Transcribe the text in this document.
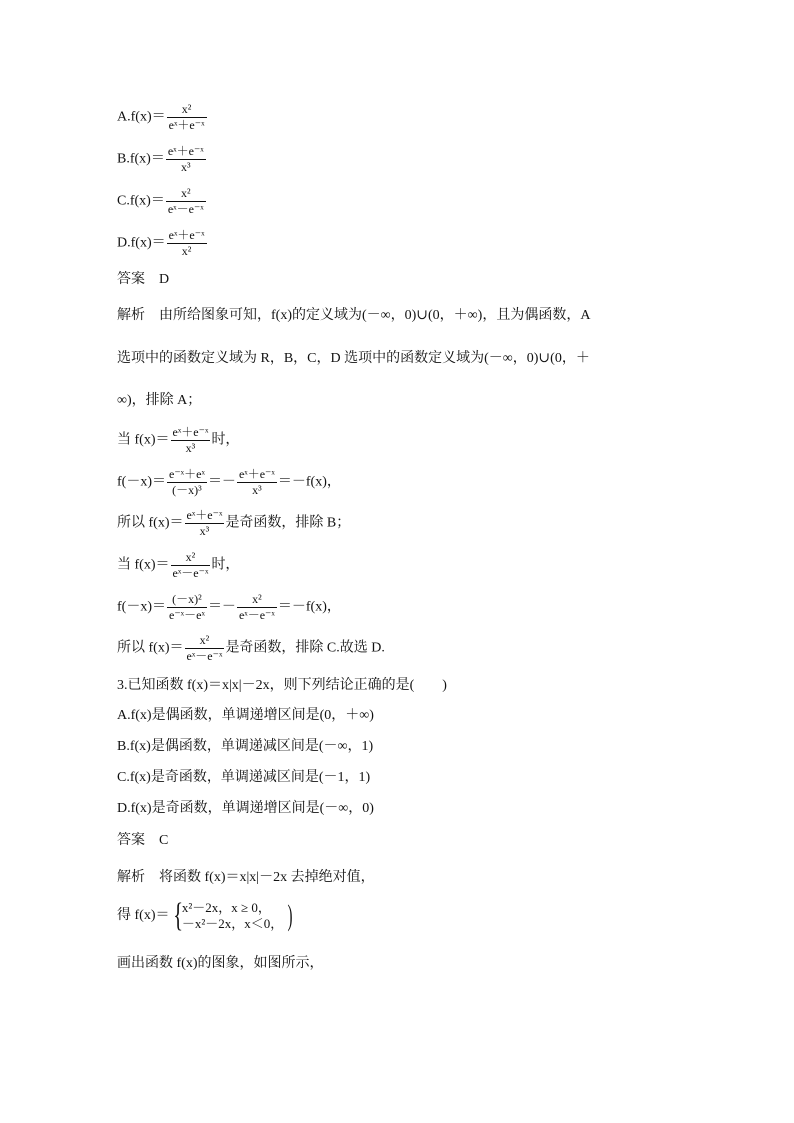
$A.f(x)= \frac{\text{x²}}{\text{eˣ＋e⁻ˣ}}$
$B.f(x)= \frac{\text{eˣ＋e⁻ˣ}}{\text{x³}}$
$C.f(x)= \frac{\text{x²}}{\text{eˣ－e⁻ˣ}}$
$D.f(x)= \frac{\text{eˣ＋e⁻ˣ}}{\text{x²}}$
答案　D
解析　由所给图象可知，f(x)的定义域为(－∞，0)∪(0，＋∞)，且为偶函数，A
选项中的函数定义域为 R，B，C，D 选项中的函数定义域为(－∞，0)∪(0，＋
∞)，排除 A；
当 $f(x)= \frac{\text{eˣ＋e⁻ˣ}}{\text{x³}}$ 时，
$f(-x)= \frac{\text{e⁻ˣ＋eˣ}}{\text{(－x)³}} =- \frac{\text{eˣ＋e⁻ˣ}}{\text{x³}} =-f(x)$，
所以 $f(x)= \frac{\text{eˣ＋e⁻ˣ}}{\text{x³}}$ 是奇函数，排除 B；
当 $f(x)= \frac{\text{x²}}{\text{eˣ－e⁻ˣ}}$ 时，
$f(-x)= \frac{\text{(－x)²}}{\text{e⁻ˣ－eˣ}} =- \frac{\text{x²}}{\text{eˣ－e⁻ˣ}} =-f(x)$，
所以 $f(x)= \frac{\text{x²}}{\text{eˣ－e⁻ˣ}}$ 是奇函数，排除 C.故选 D.
3.已知函数 f(x)＝x|x|－2x，则下列结论正确的是(　　)
A.f(x)是偶函数，单调递增区间是(0，＋∞)
B.f(x)是偶函数，单调递减区间是(－∞，1)
C.f(x)是奇函数，单调递减区间是(－1，1)
D.f(x)是奇函数，单调递增区间是(－∞，0)
答案　C
解析　将函数 f(x)＝x|x|－2x 去掉绝对值，
得 f(x)＝{ x²－2x，x ≥ 0，
－x²－2x，x＜0， )
画出函数 f(x)的图象，如图所示，
